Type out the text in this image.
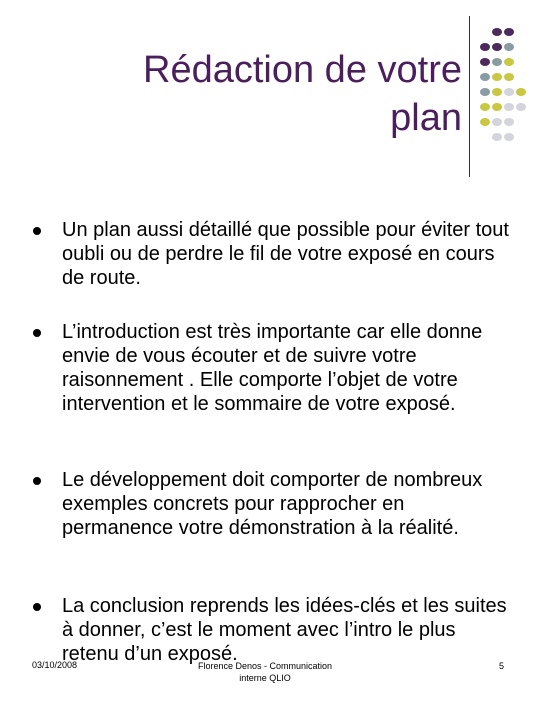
Rédaction de votre
plan
Un plan aussi détaillé que possible pour éviter tout oubli ou de perdre le fil de votre exposé en cours de route.
L’introduction est très importante car elle donne envie de vous écouter et de suivre votre raisonnement . Elle comporte l’objet de votre intervention et le sommaire de votre exposé.
Le développement doit comporter de nombreux exemples concrets pour rapprocher en permanence votre démonstration à la réalité.
La conclusion reprends les idées-clés et les suites à donner, c’est le moment avec l’intro le plus retenu d’un exposé.
03/10/2008	Florence Denos - Communication interne QLIO
5
